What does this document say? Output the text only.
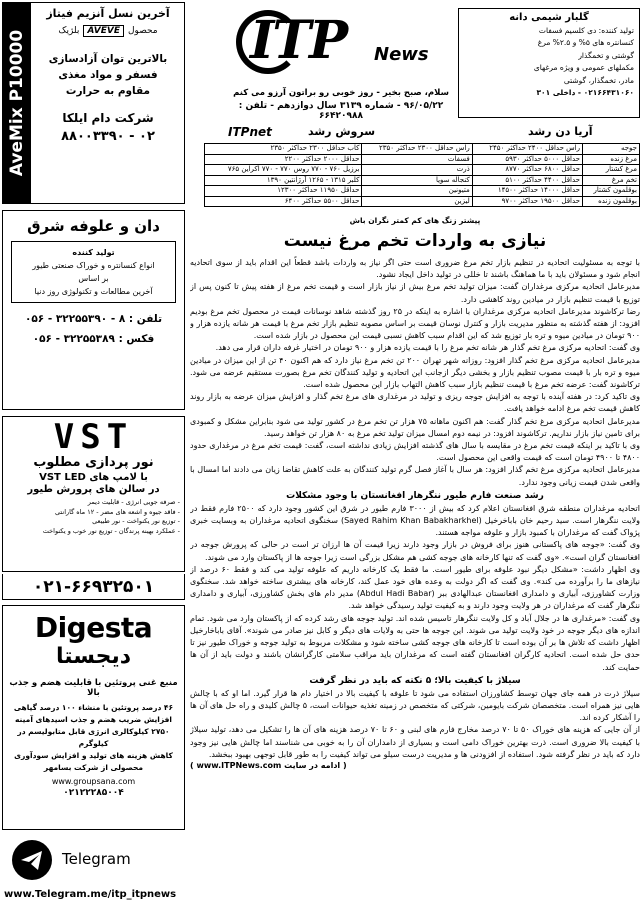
AveMix P10000
آخرین نسل آنزیم فیتاز
محصول
AVEVE
بلژیک
بالاترین توان آزادسازی
فسفر و مواد مغذی
مقاوم به حرارت
شرکت دام ایلکا
۰۲ - ۸۸۰۰۳۳۹۰
دان و علوفه شرق
تولید کننده
انواع کنسانتره و خوراک صنعتی طیور
بر اساس
آخرین مطالعات و تکنولوژی روز دنیا
تلفن : ۸ - ۳۲۲۵۵۳۹۰ - ۰۵۶
فکس : ۳۲۲۵۵۳۸۹ - ۰۵۶
VST
نور پردازی مطلوب
با لامپ های VST LED
در سالن های پرورش طیور
- صرفه جویی انرژی - قابلیت دیمر
- فاقد جیوه و اشعه های مضر - ۱۲ ماه گارانتی
- توزیع نور یکنواخت - نور طبیعی
- عملکرد بهینه پرندگان - توزیع نور خوب و یکنواخت
۰۲۱-۶۶۹۳۲۵۰۱
Digesta
دیجستا
منبع غنی پروتئین با قابلیت هضم و جذب بالا
۴۶ درصد پروتئین با منشاء ۱۰۰ درصد گیاهی
افزایش ضریب هضم و جذب اسیدهای آمینه
۲۷۵۰ کیلوکالری انرژی قابل متابولیسم در کیلوگرم
کاهش هزینه های تولید و افزایش سودآوری
محصولی از شرکت بسامهر
www.groupsana.com
۰۲۱۲۲۲۸۵۰۰۴
Telegram
www.Telegram.me/itp_itpnews
ITP News
سلام، صبح بخیر - روز خوبی رو براتون آرزو می کنم
۹۶/۰۵/۲۲ - شماره ۳۱۳۹ سال دوازدهم - تلفن : ۶۶۴۲۰۹۸۸
گلبار شیمی دانه
تولید کننده: دی کلسیم فسفات
کنسانتره های ۵% و ۲.۵% مرغ
گوشتی و تخمگذار
مکملهای عمومی و ویژه مرغهای
مادر، تخمگذار، گوشتی
۰۲۱۶۶۴۳۱۰۶۰ - داخلی ۳۰۱
ITPnet	سروش رشد	آریا دن رشد
جوجه	راس حداقل ۲۴۰۰ حداکثر ۲۴۵۰	راس حداقل ۲۳۰۰ حداکثر ۲۳۵۰	کاب حداقل ۲۳۰۰ حداکثر ۲۳۵۰
مرغ زنده	حداقل ۵۰۰۰ حداکثر ۵۹۳۰	فسفات	حداقل ۲۰۰۰ حداکثر ۲۲۰۰
مرغ کشتار	حداقل ۶۸۰۰ حداکثر ۸۷۷۰	ذرت	برزیل ۷۶۰ - ۷۷۰ روس ۷۷۰ - ۷۷۰ اکراین ۷۶۵
تخم مرغ	حداقل ۴۴۰۰ حداکثر ۵۱۰۰	کنجاله سویا	کلبر ۱۳۱۵ - ۱۲۶۵ آرژانتین ۱۳۹۰
بوقلمون کشتار	حداقل ۱۴۰۰۰ حداکثر ۱۴۵۰۰	متیونین	حداقل ۱۱۹۵۰ حداکثر ۱۲۳۰۰
بوقلمون زنده	حداقل ۱۹۵۰۰ حداکثر ۹۷۰۰	لیزین	حداقل ۵۵۰۰ حداکثر ۶۴۰۰
پیشتر زنگ های کم کمتر نگران باش
نیازی به واردات تخم مرغ نیست

با توجه به مسئولیت اتحادیه در تنظیم بازار تخم مرغ ضروری است حتی اگر نیاز به واردات باشد قطعاً این اقدام باید از سوی اتحادیه انجام شود و مسئولان باید با ما هماهنگ باشند تا خللی در تولید داخل ایجاد نشود.

مدیرعامل اتحادیه مرکزی مرغداران گفت: میزان تولید تخم مرغ بیش از نیاز بازار است و قیمت تخم مرغ از هفته پیش تا کنون پس از توزیع با قیمت تنظیم بازار در میادین روند کاهشی دارد.

رضا ترکاشوند مدیرعامل اتحادیه مرکزی مرغداران با اشاره به اینکه در ۲۵ روز گذشته شاهد نوسانات قیمت در محصول تخم مرغ بودیم افزود: از هفته گذشته به منظور مدیریت بازار و کنترل نوسان قیمت بر اساس مصوبه تنظیم بازار تخم مرغ با قیمت هر شانه یازده هزار و ۹۰۰ تومان در میادین میوه و تره بار توزیع شد که این اقدام سبب کاهش نسبی قیمت این محصول در بازار شده است.

وی گفت: اتحادیه مرکزی مرغ تخم گذار هر شانه تخم مرغ را با قیمت یازده هزار و ۹۰۰ تومان در اختیار غرفه داران قرار می دهد.

مدیرعامل اتحادیه مرکزی مرغ تخم گذار افزود: روزانه شهر تهران ۲۰۰ تن تخم مرغ نیاز دارد که هم اکنون ۴۰ تن از این میزان در میادین میوه و تره بار با قیمت مصوب تنظیم بازار و بخشی دیگر ازجانب این اتحادیه و تولید کنندگان تخم مرغ بصورت مستقیم عرضه می شود. ترکاشوند گفت: عرضه تخم مرغ با قیمت تنظیم بازار سبب کاهش التهاب بازار این محصول شده است.

وی تاکید کرد: در هفته آینده با توجه به افزایش جوجه ریزی و تولید در مرغداری های مرغ تخم گذار و افزایش میزان عرضه به بازار روند کاهش قیمت تخم مرغ ادامه خواهد یافت.

مدیرعامل اتحادیه مرکزی مرغ تخم گذار گفت: هم اکنون ماهانه ۷۵ هزار تن تخم مرغ در کشور تولید می شود بنابراین مشکل و کمبودی برای تامین نیاز بازار نداریم. ترکاشوند افزود: در نیمه دوم امسال میزان تولید تخم مرغ به ۸۰ هزار تن خواهد رسید.

وی با تاکید بر اینکه قیمت تخم مرغ در مقایسه با سال های گذشته افزایش زیادی نداشته است، گفت: قیمت تخم مرغ در مرغداری حدود ۴۸۰۰ تا ۴۹۰۰ تومان است که قیمت واقعی این محصول است.

مدیرعامل اتحادیه مرکزی مرغ تخم گذار افزود: هر سال با آغاز فصل گرم تولید کنندگان به علت کاهش تقاضا زیان می دادند اما امسال با واقعی شدن قیمت زیانی وجود ندارد.

رشد صنعت فارم طیور ننگرهار افغانستان با وجود مشکلات

اتحادیه مرغداران منطقه شرق افغانستان اعلام کرد که بیش از ۳۰۰۰ فارم طیور در شرق این کشور وجود دارد که ۲۵۰۰ فارم فقط در ولایت ننگرهار است. سید رحیم خان باباخرخیل (Sayed Rahim Khan Babakharkhel) سخنگوی اتحادیه مرغداران به وبسایت خبری پژواک گفت که مرغداران با کمبود بازار و علوفه مواجه هستند.

وی گفت: «جوجه های پاکستانی هنوز برای فروش در بازار وجود دارند زیرا قیمت آن ها ارزان تر است در حالی که پرورش جوجه در افغانستان گران است». «وی گفت که تنها کارخانه های جوجه کشی هم مشکل بزرگی است زیرا جوجه ها از پاکستان وارد می شوند.

وی اظهار داشت: «مشکل دیگر نبود علوفه برای طیور است. ما فقط یک کارخانه داریم که علوفه تولید می کند و فقط ۶۰ درصد از نیازهای ما را برآورده می کند». وی گفت که اگر دولت به وعده های خود عمل کند، کارخانه های بیشتری ساخته خواهد شد. سخنگوی وزارت کشاورزی، آبیاری و دامداری افغانستان عبدالهادی ببر (Abdul Hadi Babar) مدیر دام های بخش کشاورزی، آبیاری و دامداری ننگرهار گفت که مرغداران در هر ولایت وجود دارند و به کیفیت تولید رسیدگی خواهد شد.

وی گفت: «مرغداری ها در جلال آباد و کل ولایت ننگرهار تاسیس شده اند. تولید جوجه های رشد کرده که از پاکستان وارد می شود. تمام اندازه های دیگر جوجه در خود ولایت تولید می شوند. این جوجه ها حتی به ولایات های دیگر و کابل نیز صادر می شوند». آقای باباخارخیل اظهار داشت که تلاش ها بر آن بوده است تا کارخانه های جوجه کشی ساخته شود و مشکلات مربوط به تولید جوجه و خوراک طیور نیز تا حدی حل شده است. اتحادیه کارگران افغانستان گفته است که مرغداران باید مراقب سلامتی کارگرانشان باشند و دولت باید از آن ها حمایت کند.

سیلاژ با کیفیت بالا؛ ۵ نکته که باید در نظر گرفت

سیلاژ ذرت در همه جای جهان توسط کشاورزان استفاده می شود تا علوفه با کیفیت بالا در اختیار دام ها قرار گیرد. اما او که با چالش هایی نیز همراه است. متخصصان شرکت بایومین، شرکتی که متخصص در زمینه تغذیه حیوانات است، ۵ چالش کلیدی و راه حل های آن ها را آشکار کرده اند.

از آن جایی که هزینه های خوراک ۵۰ تا ۷۰ درصد مخارج فارم های لبنی و ۶۰ تا ۷۰ درصد هزینه های آن ها را تشکیل می دهد، تولید سیلاژ با کیفیت بالا ضروری است. ذرت بهترین خوراک دامی است و بسیاری از دامداران آن را به خوبی می شناسند اما چالش هایی نیز وجود دارد که باید در نظر گرفته شود. استفاده از افزودنی ها و مدیریت درست سیلو می تواند کیفیت را به طور قابل توجهی بهبود ببخشد.

( ادامه در سایت www.ITPNews.com )
